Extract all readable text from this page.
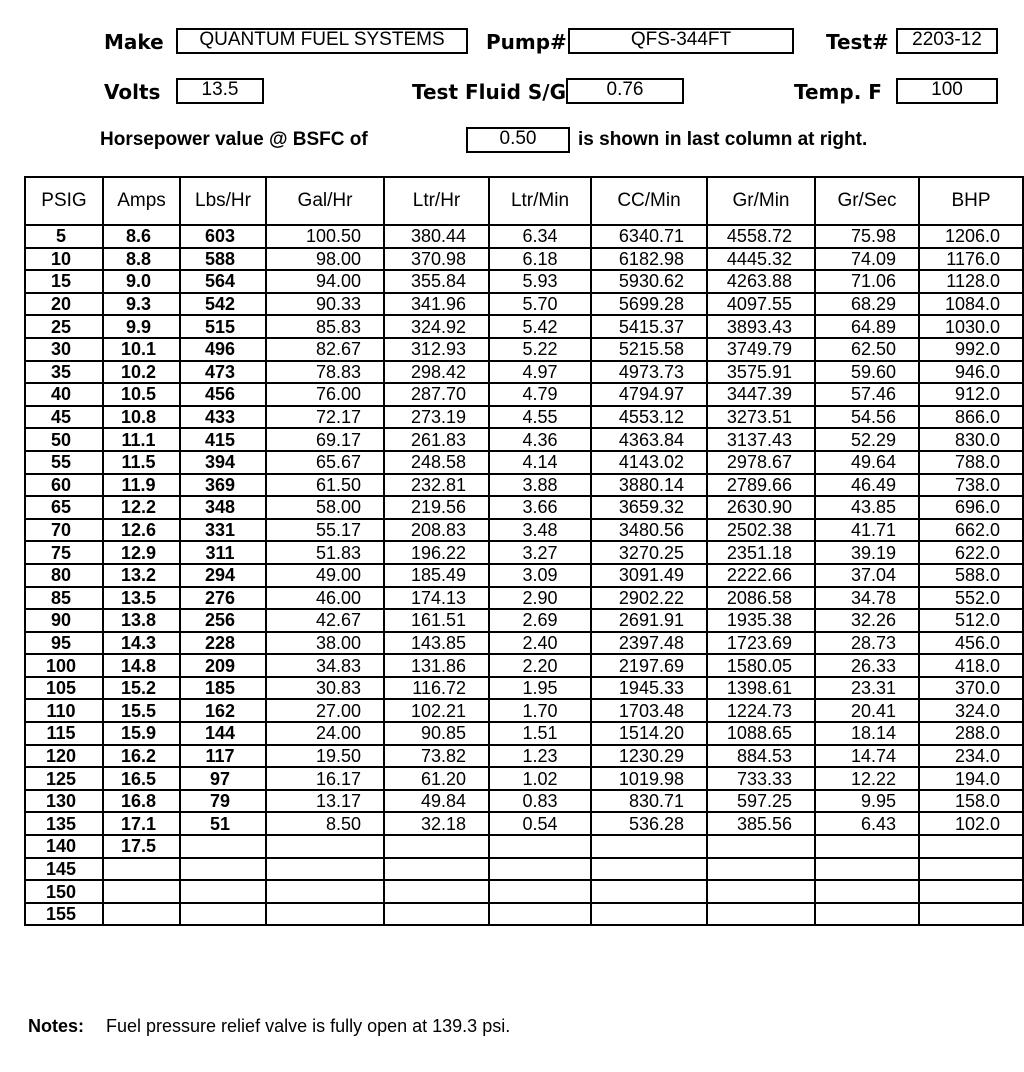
Make	QUANTUM FUEL SYSTEMS	Pump#	QFS-344FT	Test#	2203-12
Volts	13.5	Test Fluid S/G	0.76	Temp. F	100
Horsepower value @ BSFC of	0.50	is shown in last column at right.
PSIG	Amps	Lbs/Hr	Gal/Hr	Ltr/Hr	Ltr/Min	CC/Min	Gr/Min	Gr/Sec	BHP
5	8.6	603	100.50	380.44	6.34	6340.71	4558.72	75.98	1206.0
10	8.8	588	98.00	370.98	6.18	6182.98	4445.32	74.09	1176.0
15	9.0	564	94.00	355.84	5.93	5930.62	4263.88	71.06	1128.0
20	9.3	542	90.33	341.96	5.70	5699.28	4097.55	68.29	1084.0
25	9.9	515	85.83	324.92	5.42	5415.37	3893.43	64.89	1030.0
30	10.1	496	82.67	312.93	5.22	5215.58	3749.79	62.50	992.0
35	10.2	473	78.83	298.42	4.97	4973.73	3575.91	59.60	946.0
40	10.5	456	76.00	287.70	4.79	4794.97	3447.39	57.46	912.0
45	10.8	433	72.17	273.19	4.55	4553.12	3273.51	54.56	866.0
50	11.1	415	69.17	261.83	4.36	4363.84	3137.43	52.29	830.0
55	11.5	394	65.67	248.58	4.14	4143.02	2978.67	49.64	788.0
60	11.9	369	61.50	232.81	3.88	3880.14	2789.66	46.49	738.0
65	12.2	348	58.00	219.56	3.66	3659.32	2630.90	43.85	696.0
70	12.6	331	55.17	208.83	3.48	3480.56	2502.38	41.71	662.0
75	12.9	311	51.83	196.22	3.27	3270.25	2351.18	39.19	622.0
80	13.2	294	49.00	185.49	3.09	3091.49	2222.66	37.04	588.0
85	13.5	276	46.00	174.13	2.90	2902.22	2086.58	34.78	552.0
90	13.8	256	42.67	161.51	2.69	2691.91	1935.38	32.26	512.0
95	14.3	228	38.00	143.85	2.40	2397.48	1723.69	28.73	456.0
100	14.8	209	34.83	131.86	2.20	2197.69	1580.05	26.33	418.0
105	15.2	185	30.83	116.72	1.95	1945.33	1398.61	23.31	370.0
110	15.5	162	27.00	102.21	1.70	1703.48	1224.73	20.41	324.0
115	15.9	144	24.00	90.85	1.51	1514.20	1088.65	18.14	288.0
120	16.2	117	19.50	73.82	1.23	1230.29	884.53	14.74	234.0
125	16.5	97	16.17	61.20	1.02	1019.98	733.33	12.22	194.0
130	16.8	79	13.17	49.84	0.83	830.71	597.25	9.95	158.0
135	17.1	51	8.50	32.18	0.54	536.28	385.56	6.43	102.0
140	17.5								
145									
150									
155									
Notes: Fuel pressure relief valve is fully open at 139.3 psi.
